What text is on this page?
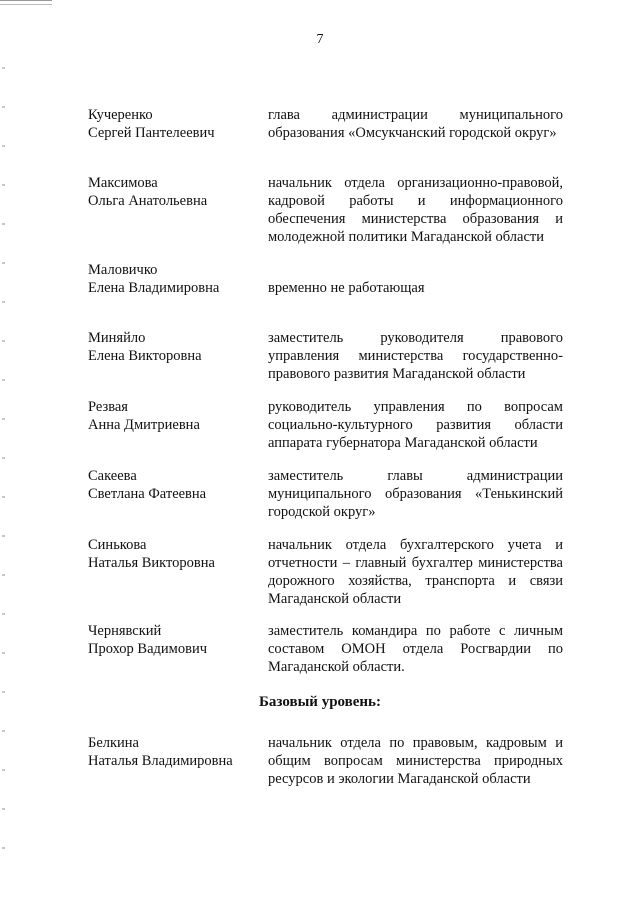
7
Кучеренко
Сергей Пантелеевич
глава администрации муниципального образования «Омсукчанский городской округ»
Максимова
Ольга Анатольевна
начальник отдела организационно-правовой, кадровой работы и информационного обеспечения министерства образования и молодежной политики Магаданской области
Маловичко
Елена Владимировна	временно не работающая
Миняйло
Елена Викторовна
заместитель руководителя правового управления министерства государственно-правового развития Магаданской области
Резвая
Анна Дмитриевна
руководитель управления по вопросам социально-культурного развития области аппарата губернатора Магаданской области
Сакеева
Светлана Фатеевна
заместитель главы администрации муниципального образования «Тенькинский городской округ»
Синькова
Наталья Викторовна
начальник отдела бухгалтерского учета и отчетности – главный бухгалтер министерства дорожного хозяйства, транспорта и связи Магаданской области
Чернявский
Прохор Вадимович
заместитель командира по работе с личным составом ОМОН отдела Росгвардии по Магаданской области.
Базовый уровень:
Белкина
Наталья Владимировна
начальник отдела по правовым, кадровым и общим вопросам министерства природных ресурсов и экологии Магаданской области
